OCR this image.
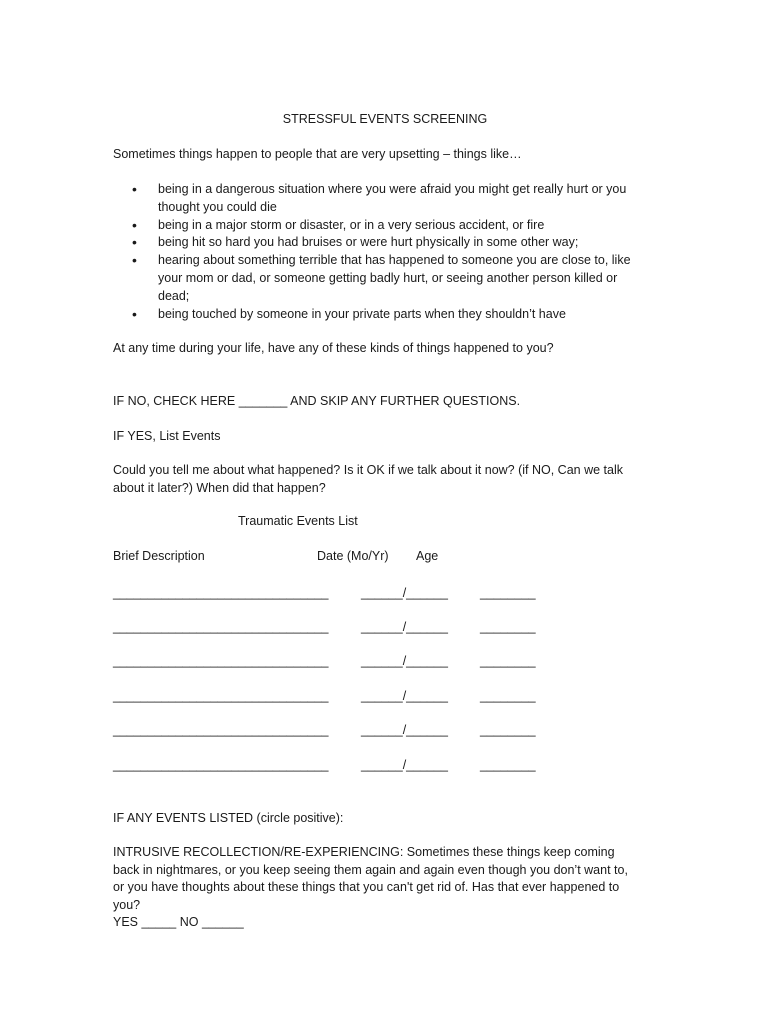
STRESSFUL EVENTS SCREENING
Sometimes things happen to people that are very upsetting – things like…
• being in a dangerous situation where you were afraid you might get really hurt or you thought you could die
• being in a major storm or disaster, or in a very serious accident, or fire
• being hit so hard you had bruises or were hurt physically in some other way;
• hearing about something terrible that has happened to someone you are close to, like your mom or dad, or someone getting badly hurt, or seeing another person killed or dead;
• being touched by someone in your private parts when they shouldn’t have
At any time during your life, have any of these kinds of things happened to you?
IF NO, CHECK HERE _______ AND SKIP ANY FURTHER QUESTIONS.
IF YES, List Events
Could you tell me about what happened? Is it OK if we talk about it now? (if NO, Can we talk about it later?) When did that happen?
Traumatic Events List
Brief Description	Date (Mo/Yr) Age
_______________________________	______/______	________
_______________________________	______/______	________
_______________________________	______/______	________
_______________________________	______/______	________
_______________________________	______/______	________
_______________________________	______/______	________
IF ANY EVENTS LISTED (circle positive):
INTRUSIVE RECOLLECTION/RE-EXPERIENCING: Sometimes these things keep coming back in nightmares, or you keep seeing them again and again even though you don’t want to, or you have thoughts about these things that you can't get rid of. Has that ever happened to you?
YES _____ NO ______
